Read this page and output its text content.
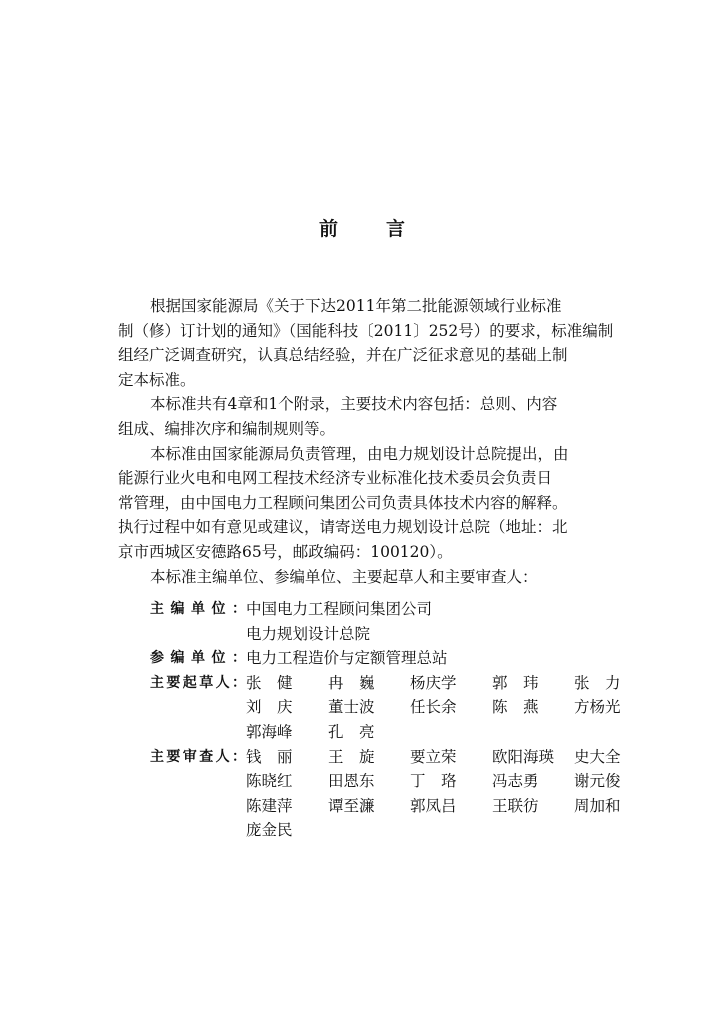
前	言
根据国家能源局《关于下达2011年第二批能源领域行业标准
制（修）订计划的通知》（国能科技〔2011〕252号）的要求，标准编制
组经广泛调查研究，认真总结经验，并在广泛征求意见的基础上制
定本标准。
本标准共有4章和1个附录，主要技术内容包括：总则、内容
组成、编排次序和编制规则等。
本标准由国家能源局负责管理，由电力规划设计总院提出，由
能源行业火电和电网工程技术经济专业标准化技术委员会负责日
常管理，由中国电力工程顾问集团公司负责具体技术内容的解释。
执行过程中如有意见或建议，请寄送电力规划设计总院（地址：北
京市西城区安德路65号，邮政编码：100120）。
本标准主编单位、参编单位、主要起草人和主要审查人：
主编单位： 中国电力工程顾问集团公司
电力规划设计总院
参编单位： 电力工程造价与定额管理总站
主要起草人： 张　健	冉　巍	杨庆学	郭　玮	张　力
刘　庆	董士波	任长余	陈　燕	方杨光
郭海峰	孔　亮
主要审查人： 钱　丽	王　旋	要立荣	欧阳海瑛	史大全
陈晓红	田恩东	丁　珞	冯志勇	谢元俊
陈建萍	谭至濂	郭凤吕	王联彷	周加和
庞金民
